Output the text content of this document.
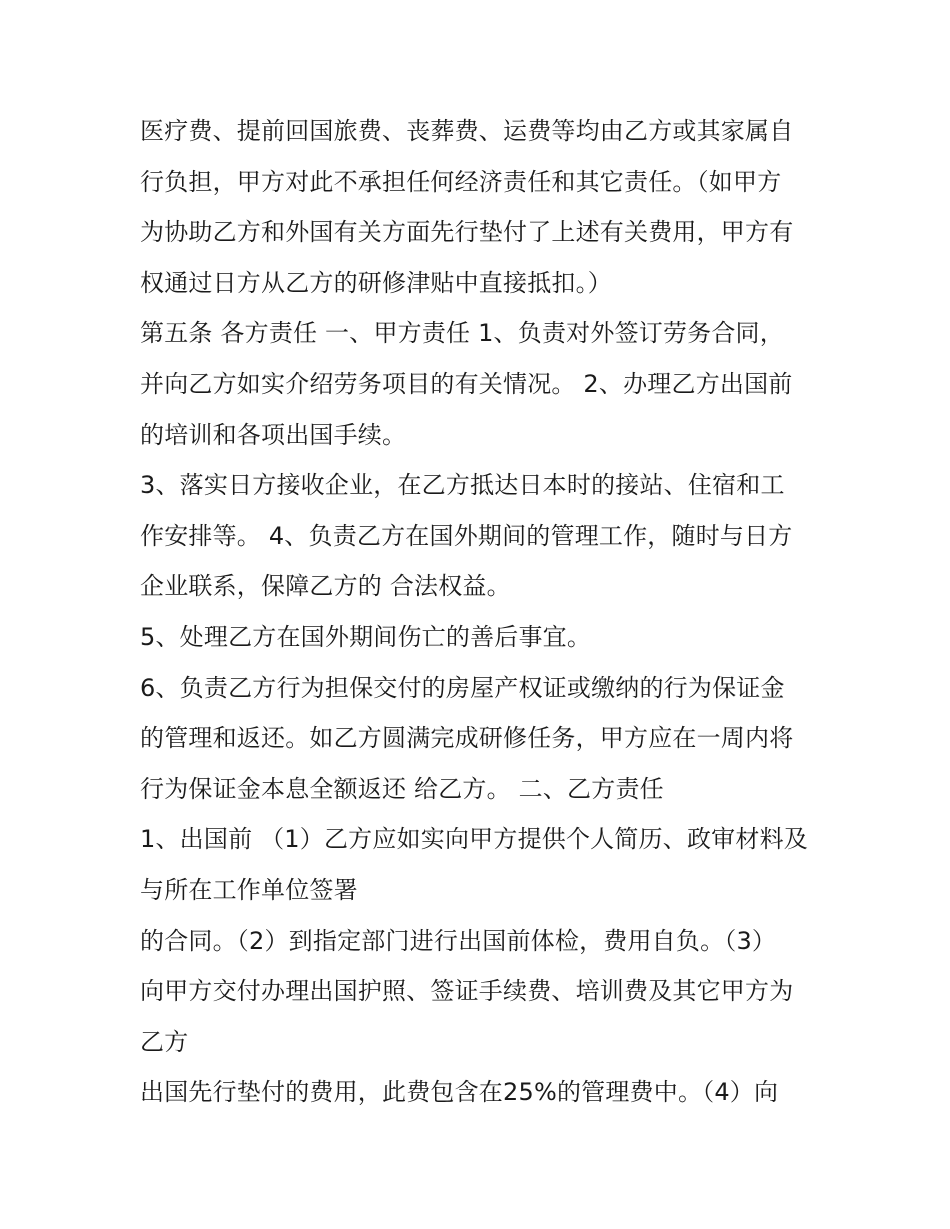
医疗费、提前回国旅费、丧葬费、运费等均由乙方或其家属自
行负担，甲方对此不承担任何经济责任和其它责任。（如甲方
为协助乙方和外国有关方面先行垫付了上述有关费用，甲方有
权通过日方从乙方的研修津贴中直接抵扣。）
第五条 各方责任 一、甲方责任 1、负责对外签订劳务合同，
并向乙方如实介绍劳务项目的有关情况。 2、办理乙方出国前
的培训和各项出国手续。
3、落实日方接收企业，在乙方抵达日本时的接站、住宿和工
作安排等。 4、负责乙方在国外期间的管理工作，随时与日方
企业联系，保障乙方的 合法权益。
5、处理乙方在国外期间伤亡的善后事宜。
6、负责乙方行为担保交付的房屋产权证或缴纳的行为保证金
的管理和返还。如乙方圆满完成研修任务，甲方应在一周内将
行为保证金本息全额返还 给乙方。 二、乙方责任
1、出国前 （1）乙方应如实向甲方提供个人简历、政审材料及
与所在工作单位签署
的合同。（2）到指定部门进行出国前体检，费用自负。（3）
向甲方交付办理出国护照、签证手续费、培训费及其它甲方为
乙方
出国先行垫付的费用，此费包含在25%的管理费中。（4）向
